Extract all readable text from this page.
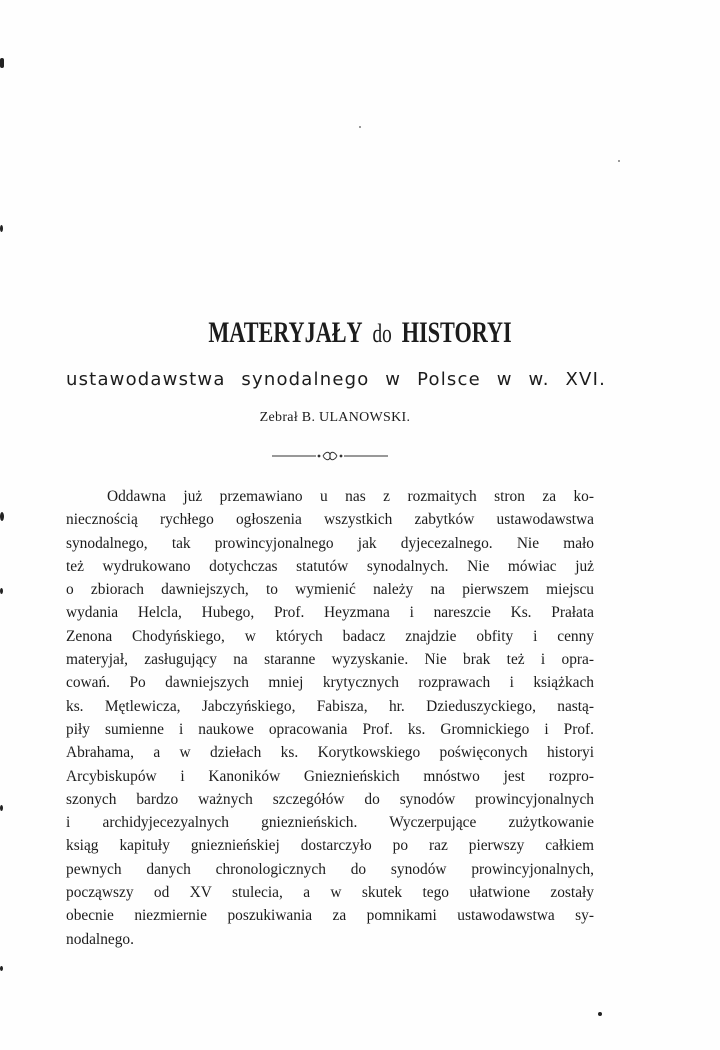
MATERYJAŁY do HISTORYI
ustawodawstwa synodalnego w Polsce w w. XVI.
Zebrał B. ULANOWSKI.
Oddawna już przemawiano u nas z rozmaitych stron za ko-
niecznością rychłego ogłoszenia wszystkich zabytków ustawodawstwa
synodalnego, tak prowincyjonalnego jak dyjecezalnego. Nie mało
też wydrukowano dotychczas statutów synodalnych. Nie mówiac już
o zbiorach dawniejszych, to wymienić należy na pierwszem miejscu
wydania Helcla, Hubego, Prof. Heyzmana i nareszcie Ks. Prałata
Zenona Chodyńskiego, w których badacz znajdzie obfity i cenny
materyjał, zasługujący na staranne wyzyskanie. Nie brak też i opra-
cowań. Po dawniejszych mniej krytycznych rozprawach i książkach
ks. Mętlewicza, Jabczyńskiego, Fabisza, hr. Dzieduszyckiego, nastą-
piły sumienne i naukowe opracowania Prof. ks. Gromnickiego i Prof.
Abrahama, a w dziełach ks. Korytkowskiego poświęconych historyi
Arcybiskupów i Kanoników Gnieznieńskich mnóstwo jest rozpro-
szonych bardzo ważnych szczegółów do synodów prowincyjonalnych
i archidyjecezyalnych gnieznieńskich. Wyczerpujące zużytkowanie
ksiąg kapituły gnieznieńskiej dostarczyło po raz pierwszy całkiem
pewnych danych chronologicznych do synodów prowincyjonalnych,
począwszy od XV stulecia, a w skutek tego ułatwione zostały
obecnie niezmiernie poszukiwania za pomnikami ustawodawstwa sy-
nodalnego.
